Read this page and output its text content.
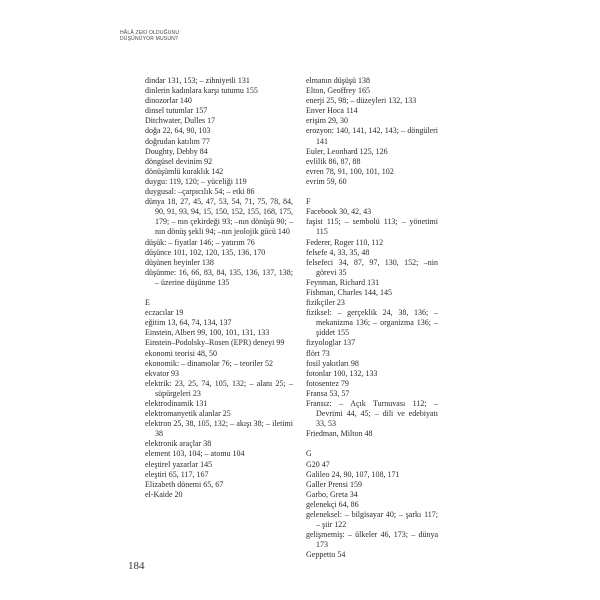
HÂLÂ ZEKİ OLDUĞUNU
DÜŞÜNÜYOR MUSUN?

dindar 131, 153; – zihniyetli 131

dinlerin kadınlara karşı tutumu 155

dinozorlar 140

dinsel tutumlar 157

Ditchwater, Dulles 17

doğa 22, 64, 90, 103

doğrudan katılım 77

Doughty, Debby 84

döngüsel devinim 92

dönüşümlü kuraklık 142

duygu: 119, 120; – yüceliği 119

duygusal: –çarpıcılık 54; – etki 86

dünya 18, 27, 45, 47, 53, 54, 71, 75, 78, 84, 90, 91, 93, 94, 15, 150, 152, 155, 168, 175, 179; – nın çekirdeği 93; –nın dönüşü 90; –nın dönüş şekli 94; –nın jeolojik gücü 140

düşük: – fiyatlar 146; – yatırım 76

düşünce 101, 102, 120, 135, 136, 170

düşünen beyinler 138

düşünme: 16, 66, 83, 84, 135, 136, 137, 138; – üzerine düşünme 135

E

eczacılar 19

eğitim 13, 64, 74, 134, 137

Einstein, Albert 99, 100, 101, 131, 133

Einstein–Podolsky–Rosen (EPR) deneyi 99

ekonomi teorisi 48, 50

ekonomik: – dinamolar 76; – teoriler 52

ekvator 93

elektrik: 23, 25, 74, 105, 132; – alanı 25; – süpürgeleri 23

elektrodinamik 131

elektromanyetik alanlar 25

elektron 25, 38, 105, 132; – akışı 38; – iletimi 38

elektronik araçlar 38

element 103, 104; – atomu 104

eleştirel yazarlar 145

eleştiri 65, 117, 167

Elizabeth dönemi 65, 67

el-Kaide 20

elmanın düşüşü 138

Elton, Geoffrey 165

enerji 25, 98; – düzeyleri 132, 133

Enver Hoca 114

erişim 29, 30

erozyon: 140, 141, 142, 143; – döngüleri 141

Euler, Leonhard 125, 126

evlilik 86, 87, 88

evren 78, 91, 100, 101, 102

evrim 59, 60

F

Facebook 30, 42, 43

faşist 115; – sembolü 113; – yönetimi 115

Federer, Roger 110, 112

felsefe 4, 33, 35, 48

felsefeci 34, 87, 97, 130, 152; –nin görevi 35

Feynman, Richard 131

Fishman, Charles 144, 145

fizikçiler 23

fiziksel: – gerçeklik 24, 38, 136; – mekanizma 136; – organizma 136; – şiddet 155

fizyologlar 137

flört 73

fosil yakıtları 98

fotonlar 100, 132, 133

fotosentez 79

Fransa 53, 57

Fransız: – Açık Turnuvası 112; – Devrimi 44, 45; – dili ve edebiyatı 33, 53

Friedman, Milton 48

G

G20 47

Galileo 24, 90, 107, 108, 171

Galler Prensi 159

Garbo, Greta 34

gelenekçi 64, 86

geleneksel: – bilgisayar 40; – şarkı 117; – şiir 122

gelişmemiş: – ülkeler 46, 173; – dünya 173

Geppetto 54

184
